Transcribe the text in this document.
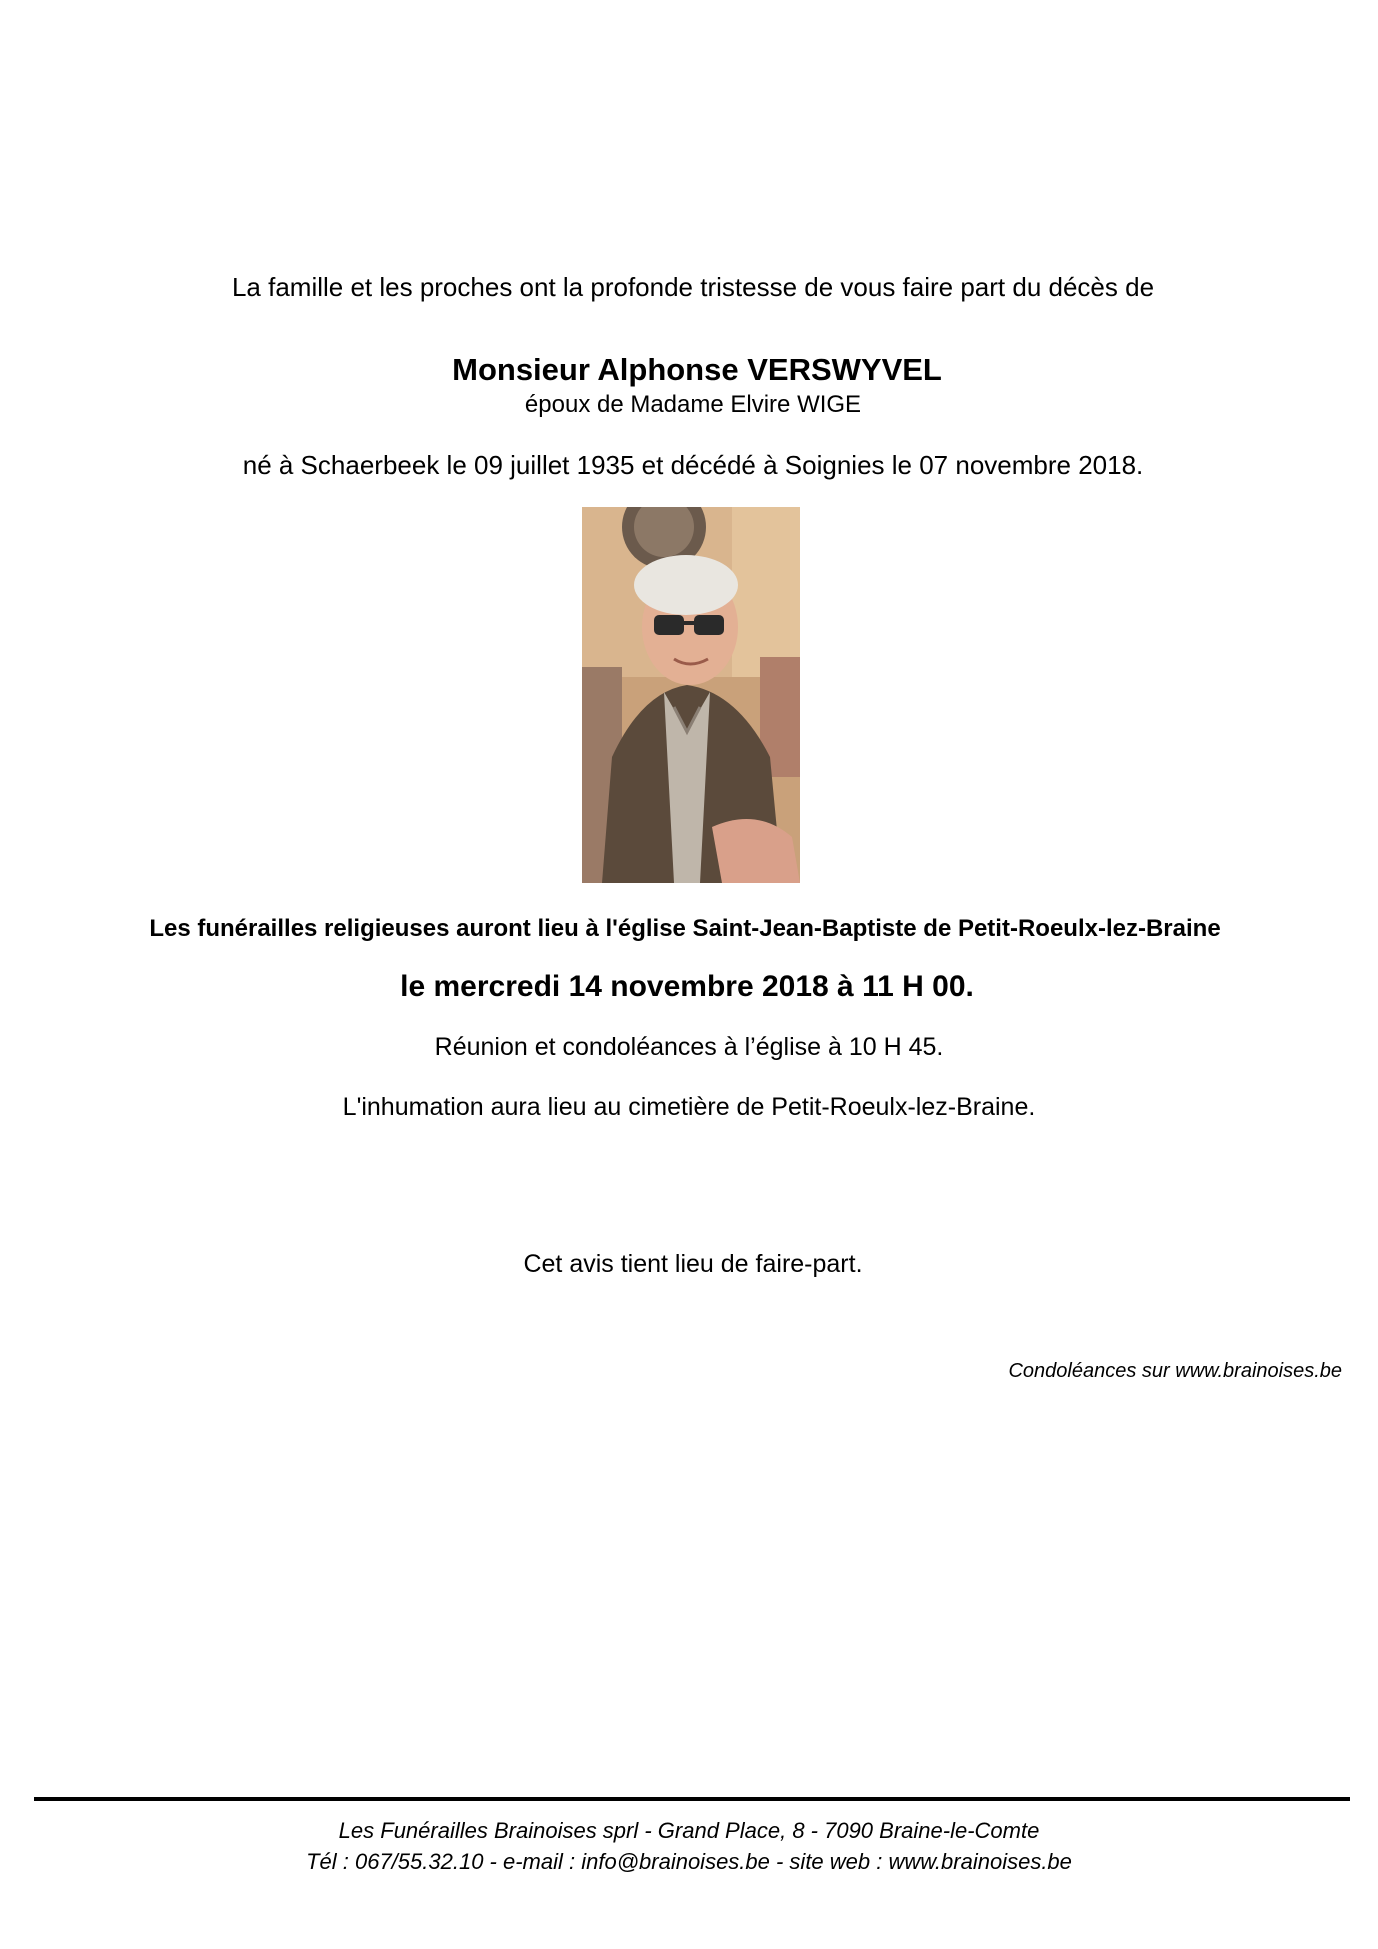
La famille et les proches ont la profonde tristesse de vous faire part du décès de
Monsieur Alphonse VERSWYVEL
époux de Madame Elvire WIGE
né à Schaerbeek le 09 juillet 1935 et décédé à Soignies le 07 novembre 2018.
Les funérailles religieuses auront lieu à l'église Saint-Jean-Baptiste de Petit-Roeulx-lez-Braine
le mercredi 14 novembre 2018 à 11 H 00.
Réunion et condoléances à l’église à 10 H 45.
L'inhumation aura lieu au cimetière de Petit-Roeulx-lez-Braine.
Cet avis tient lieu de faire-part.
Condoléances sur www.brainoises.be
Les Funérailles Brainoises sprl - Grand Place, 8 - 7090 Braine-le-Comte
Tél : 067/55.32.10 - e-mail : info@brainoises.be - site web : www.brainoises.be
